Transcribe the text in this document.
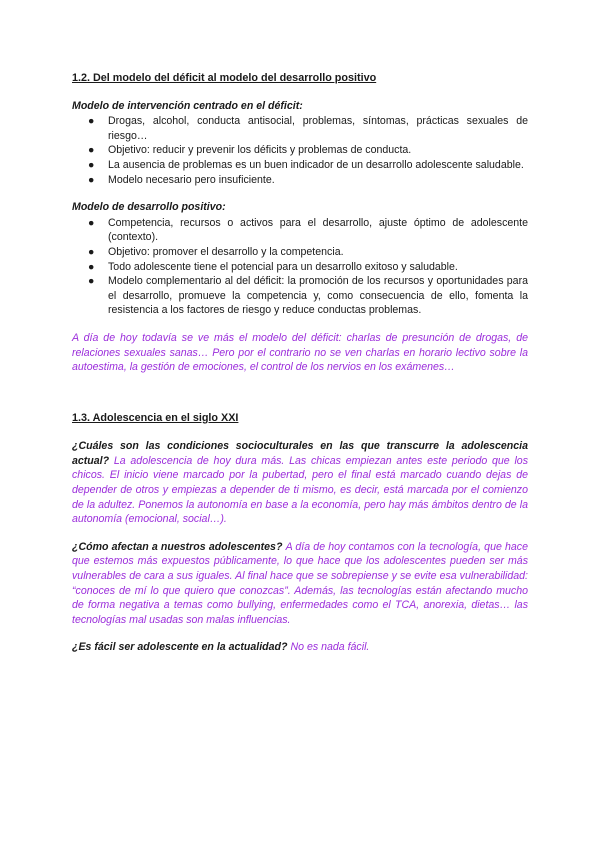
1.2. Del modelo del déficit al modelo del desarrollo positivo

Modelo de intervención centrado en el déficit:

● Drogas, alcohol, conducta antisocial, problemas, síntomas, prácticas sexuales de riesgo…
● Objetivo: reducir y prevenir los déficits y problemas de conducta.
● La ausencia de problemas es un buen indicador de un desarrollo adolescente saludable.
● Modelo necesario pero insuficiente.

Modelo de desarrollo positivo:

● Competencia, recursos o activos para el desarrollo, ajuste óptimo de adolescente (contexto).
● Objetivo: promover el desarrollo y la competencia.
● Todo adolescente tiene el potencial para un desarrollo exitoso y saludable.
● Modelo complementario al del déficit: la promoción de los recursos y oportunidades para el desarrollo, promueve la competencia y, como consecuencia de ello, fomenta la resistencia a los factores de riesgo y reduce conductas problemas.

A día de hoy todavía se ve más el modelo del déficit: charlas de presunción de drogas, de relaciones sexuales sanas… Pero por el contrario no se ven charlas en horario lectivo sobre la autoestima, la gestión de emociones, el control de los nervios en los exámenes…

1.3. Adolescencia en el siglo XXI

¿Cuáles son las condiciones socioculturales en las que transcurre la adolescencia actual? La adolescencia de hoy dura más. Las chicas empiezan antes este periodo que los chicos. El inicio viene marcado por la pubertad, pero el final está marcado cuando dejas de depender de otros y empiezas a depender de ti mismo, es decir, está marcada por el comienzo de la adultez. Ponemos la autonomía en base a la economía, pero hay más ámbitos dentro de la autonomía (emocional, social…).

¿Cómo afectan a nuestros adolescentes? A día de hoy contamos con la tecnología, que hace que estemos más expuestos públicamente, lo que hace que los adolescentes pueden ser más vulnerables de cara a sus iguales. Al final hace que se sobrepiense y se evite esa vulnerabilidad: “conoces de mí lo que quiero que conozcas”. Además, las tecnologías están afectando mucho de forma negativa a temas como bullying, enfermedades como el TCA, anorexia, dietas… las tecnologías mal usadas son malas influencias.

¿Es fácil ser adolescente en la actualidad? No es nada fácil.
